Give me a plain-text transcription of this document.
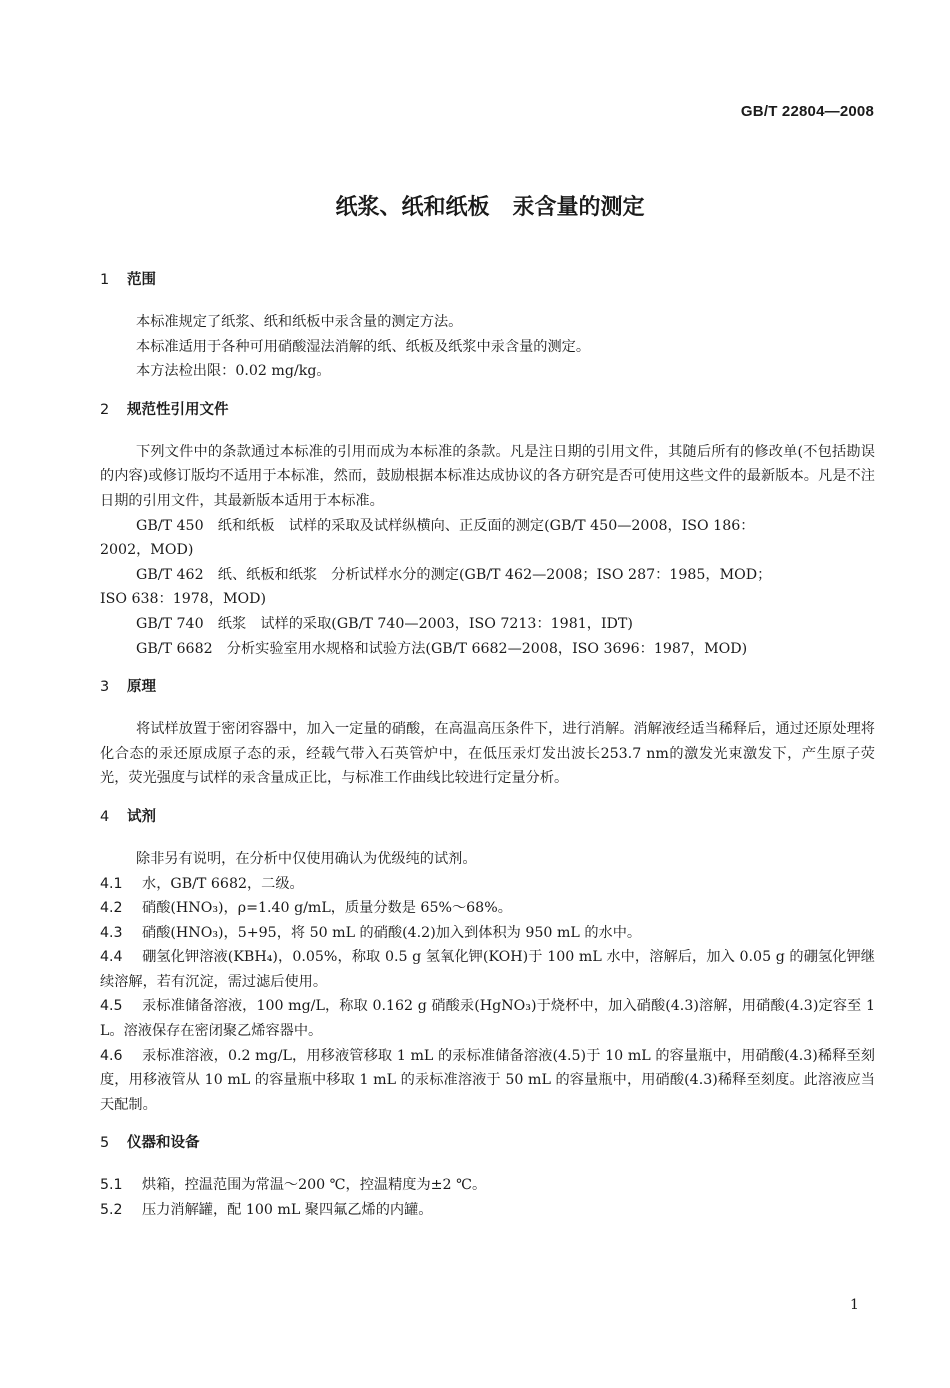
GB/T 22804—2008
纸浆、纸和纸板   汞含量的测定
1 范围

本标准规定了纸浆、纸和纸板中汞含量的测定方法。

本标准适用于各种可用硝酸湿法消解的纸、纸板及纸浆中汞含量的测定。

本方法检出限：0.02 mg/kg。

2 规范性引用文件

下列文件中的条款通过本标准的引用而成为本标准的条款。凡是注日期的引用文件，其随后所有的修改单(不包括勘误的内容)或修订版均不适用于本标准，然而，鼓励根据本标准达成协议的各方研究是否可使用这些文件的最新版本。凡是不注日期的引用文件，其最新版本适用于本标准。

GB/T 450　纸和纸板　试样的采取及试样纵横向、正反面的测定(GB/T 450—2008，ISO 186：

2002，MOD)

GB/T 462　纸、纸板和纸浆　分析试样水分的测定(GB/T 462—2008；ISO 287：1985，MOD；

ISO 638：1978，MOD)

GB/T 740　纸浆　试样的采取(GB/T 740—2003，ISO 7213：1981，IDT)

GB/T 6682　分析实验室用水规格和试验方法(GB/T 6682—2008，ISO 3696：1987，MOD)

3 原理

将试样放置于密闭容器中，加入一定量的硝酸，在高温高压条件下，进行消解。消解液经适当稀释后，通过还原处理将化合态的汞还原成原子态的汞，经载气带入石英管炉中，在低压汞灯发出波长253.7 nm的激发光束激发下，产生原子荧光，荧光强度与试样的汞含量成正比，与标准工作曲线比较进行定量分析。

4 试剂

除非另有说明，在分析中仅使用确认为优级纯的试剂。

4.1 水，GB/T 6682，二级。

4.2 硝酸(HNO₃)，ρ=1.40 g/mL，质量分数是 65%～68%。

4.3 硝酸(HNO₃)，5+95，将 50 mL 的硝酸(4.2)加入到体积为 950 mL 的水中。

4.4 硼氢化钾溶液(KBH₄)，0.05%，称取 0.5 g 氢氧化钾(KOH)于 100 mL 水中，溶解后，加入 0.05 g 的硼氢化钾继续溶解，若有沉淀，需过滤后使用。

4.5 汞标准储备溶液，100 mg/L，称取 0.162 g 硝酸汞(HgNO₃)于烧杯中，加入硝酸(4.3)溶解，用硝酸(4.3)定容至 1 L。溶液保存在密闭聚乙烯容器中。

4.6 汞标准溶液，0.2 mg/L，用移液管移取 1 mL 的汞标准储备溶液(4.5)于 10 mL 的容量瓶中，用硝酸(4.3)稀释至刻度，用移液管从 10 mL 的容量瓶中移取 1 mL 的汞标准溶液于 50 mL 的容量瓶中，用硝酸(4.3)稀释至刻度。此溶液应当天配制。

5 仪器和设备

5.1 烘箱，控温范围为常温～200 ℃，控温精度为±2 ℃。

5.2 压力消解罐，配 100 mL 聚四氟乙烯的内罐。

1
